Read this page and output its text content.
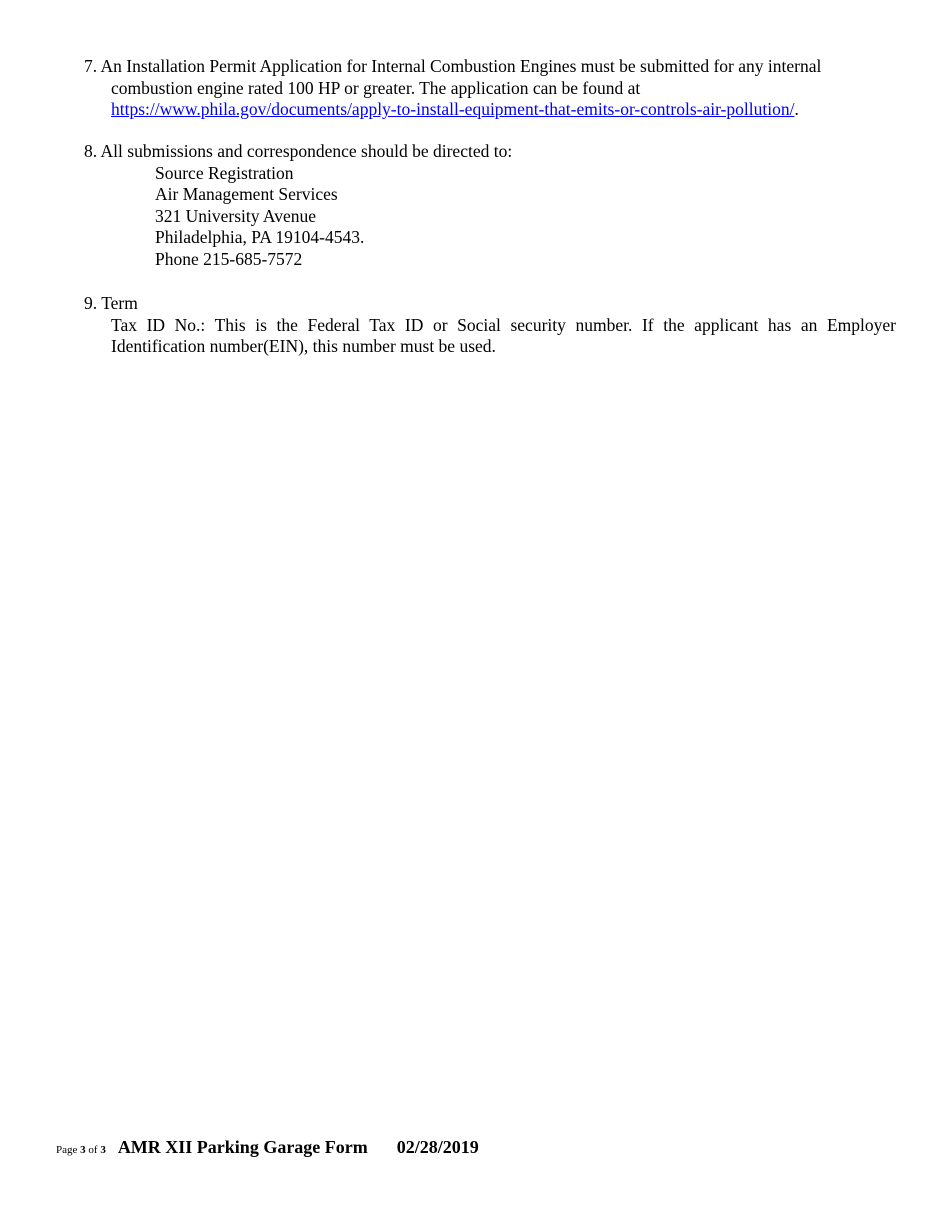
7. An Installation Permit Application for Internal Combustion Engines must be submitted for any internal
combustion engine rated 100 HP or greater. The application can be found at
https://www.phila.gov/documents/apply-to-install-equipment-that-emits-or-controls-air-pollution/.
8. All submissions and correspondence should be directed to:
Source Registration
Air Management Services
321 University Avenue
Philadelphia, PA 19104-4543.
Phone 215-685-7572
9. Term
Tax ID No.: This is the Federal Tax ID or Social security number. If the applicant has an Employer Identification number(EIN), this number must be used.
Page 3 of 3 AMR XII Parking Garage Form 02/28/2019
